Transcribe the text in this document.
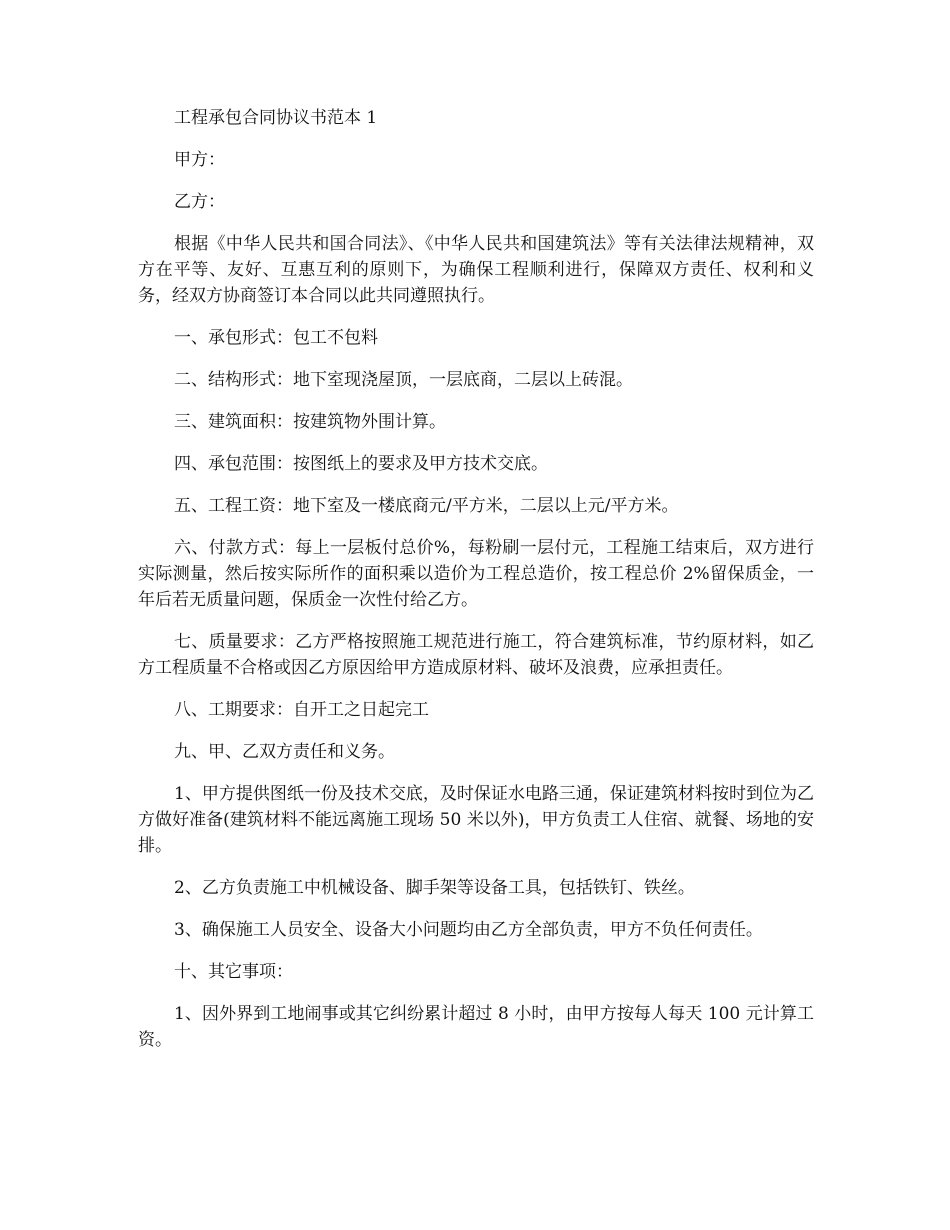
工程承包合同协议书范本 1

甲方：

乙方：

根据《中华人民共和国合同法》、《中华人民共和国建筑法》等有关法律法规精神，双方在平等、友好、互惠互利的原则下，为确保工程顺利进行，保障双方责任、权利和义务，经双方协商签订本合同以此共同遵照执行。

一、承包形式：包工不包料

二、结构形式：地下室现浇屋顶，一层底商，二层以上砖混。

三、建筑面积：按建筑物外围计算。

四、承包范围：按图纸上的要求及甲方技术交底。

五、工程工资：地下室及一楼底商元/平方米，二层以上元/平方米。

六、付款方式：每上一层板付总价%，每粉刷一层付元，工程施工结束后，双方进行实际测量，然后按实际所作的面积乘以造价为工程总造价，按工程总价 2%留保质金，一年后若无质量问题，保质金一次性付给乙方。

七、质量要求：乙方严格按照施工规范进行施工，符合建筑标准，节约原材料，如乙方工程质量不合格或因乙方原因给甲方造成原材料、破坏及浪费，应承担责任。

八、工期要求：自开工之日起完工

九、甲、乙双方责任和义务。

1、甲方提供图纸一份及技术交底，及时保证水电路三通，保证建筑材料按时到位为乙方做好准备(建筑材料不能远离施工现场 50 米以外)，甲方负责工人住宿、就餐、场地的安排。

2、乙方负责施工中机械设备、脚手架等设备工具，包括铁钉、铁丝。

3、确保施工人员安全、设备大小问题均由乙方全部负责，甲方不负任何责任。

十、其它事项：

1、因外界到工地闹事或其它纠纷累计超过 8 小时，由甲方按每人每天 100 元计算工资。
